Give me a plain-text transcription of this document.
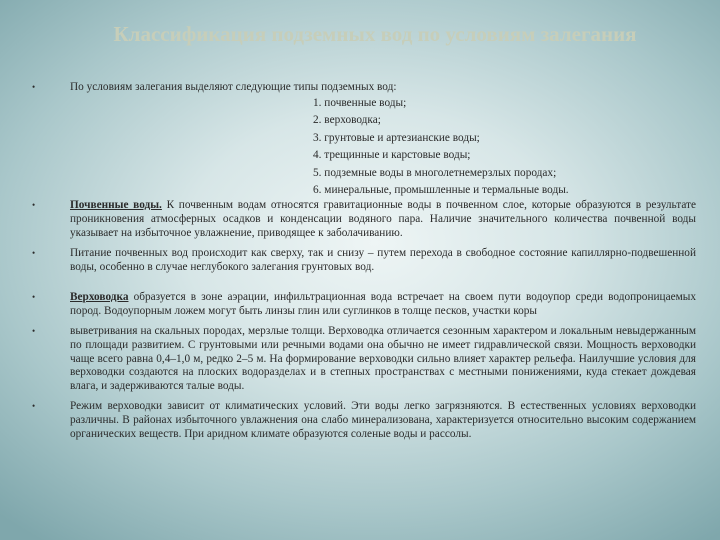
Классификация подземных вод по условиям залегания
•	По условиям залегания выделяют следующие типы подземных вод:
1. почвенные воды;
2. верховодка;
3. грунтовые и артезианские воды;
4. трещинные и карстовые воды;
5. подземные воды в многолетнемерзлых породах;
6. минеральные, промышленные и термальные воды.
•	Почвенные воды. К почвенным водам относятся гравитационные воды в почвенном слое, которые образуются в результате проникновения атмосферных осадков и конденсации водяного пара. Наличие значительного количества почвенной воды указывает на избыточное увлажнение, приводящее к заболачиванию.
•	Питание почвенных вод происходит как сверху, так и снизу – путем перехода в свободное состояние капиллярно-подвешенной воды, особенно в случае неглубокого залегания грунтовых вод.
•	Верховодка образуется в зоне аэрации, инфильтрационная вода встречает на своем пути водоупор среди водопроницаемых пород. Водоупорным ложем могут быть линзы глин или суглинков в толще песков, участки коры
•	выветривания на скальных породах, мерзлые толщи. Верховодка отличается сезонным характером и локальным невыдержанным по площади развитием. С грунтовыми или речными водами она обычно не имеет гидравлической связи. Мощность верховодки чаще всего равна 0,4–1,0 м, редко 2–5 м. На формирование верховодки сильно влияет характер рельефа. Наилучшие условия для верховодки создаются на плоских водоразделах и в степных пространствах с местными понижениями, куда стекает дождевая влага, и задерживаются талые воды.
•	Режим верховодки зависит от климатических условий. Эти воды легко загрязняются. В естественных условиях верховодки различны. В районах избыточного увлажнения она слабо минерализована, характеризуется относительно высоким содержанием органических веществ. При аридном климате образуются соленые воды и рассолы.
